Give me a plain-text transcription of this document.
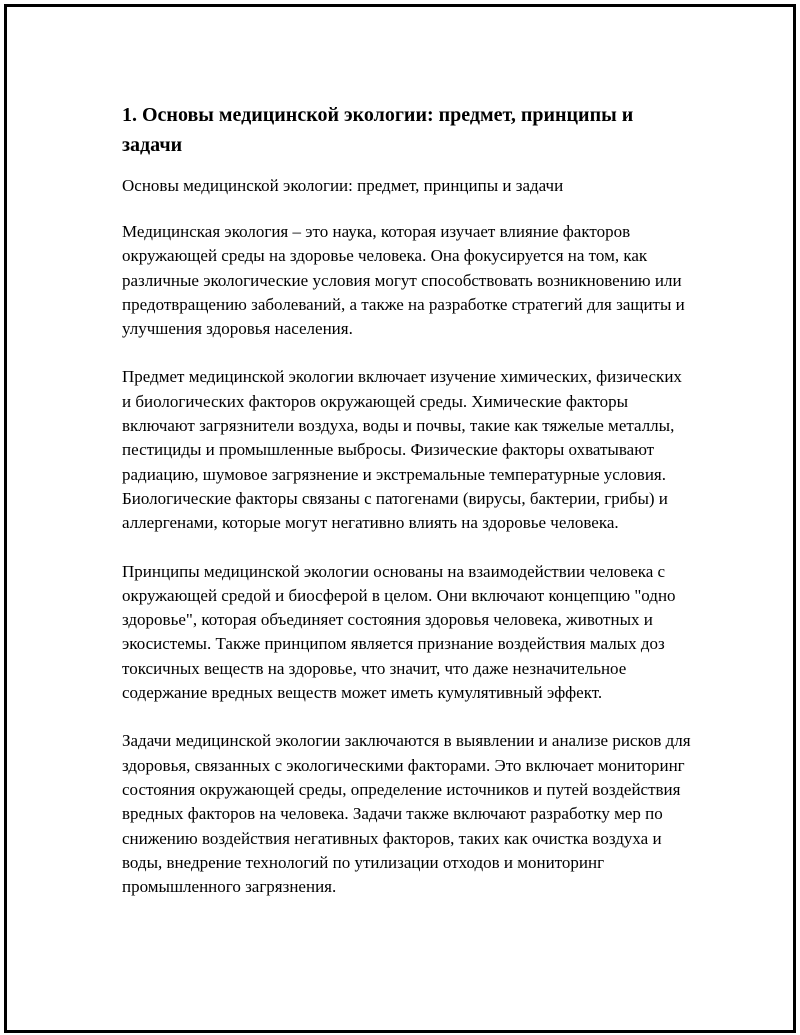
1. Основы медицинской экологии: предмет, принципы и задачи

Основы медицинской экологии: предмет, принципы и задачи

Медицинская экология – это наука, которая изучает влияние факторов окружающей среды на здоровье человека. Она фокусируется на том, как различные экологические условия могут способствовать возникновению или предотвращению заболеваний, а также на разработке стратегий для защиты и улучшения здоровья населения.

Предмет медицинской экологии включает изучение химических, физических и биологических факторов окружающей среды. Химические факторы включают загрязнители воздуха, воды и почвы, такие как тяжелые металлы, пестициды и промышленные выбросы. Физические факторы охватывают радиацию, шумовое загрязнение и экстремальные температурные условия. Биологические факторы связаны с патогенами (вирусы, бактерии, грибы) и аллергенами, которые могут негативно влиять на здоровье человека.

Принципы медицинской экологии основаны на взаимодействии человека с окружающей средой и биосферой в целом. Они включают концепцию "одно здоровье", которая объединяет состояния здоровья человека, животных и экосистемы. Также принципом является признание воздействия малых доз токсичных веществ на здоровье, что значит, что даже незначительное содержание вредных веществ может иметь кумулятивный эффект.

Задачи медицинской экологии заключаются в выявлении и анализе рисков для здоровья, связанных с экологическими факторами. Это включает мониторинг состояния окружающей среды, определение источников и путей воздействия вредных факторов на человека. Задачи также включают разработку мер по снижению воздействия негативных факторов, таких как очистка воздуха и воды, внедрение технологий по утилизации отходов и мониторинг промышленного загрязнения.
